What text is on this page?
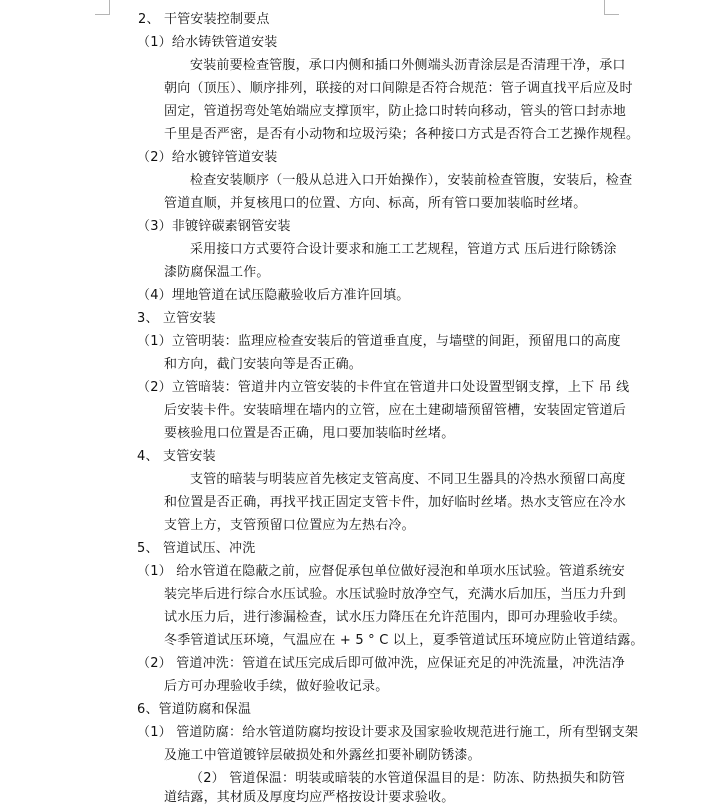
2、 干管安装控制要点
（1）给水铸铁管道安装
安装前要检查管腹，承口内侧和插口外侧端头沥青涂层是否清理干净，承口
朝向（顶压）、顺序排列，联接的对口间隙是否符合规范：管子调直找平后应及时
固定，管道拐弯处笔始端应支撑顶牢，防止捻口时转向移动，管头的管口封赤地
千里是否严密，是否有小动物和垃圾污染；各种接口方式是否符合工艺操作规程。
（2）给水镀锌管道安装
检查安装顺序（一般从总进入口开始操作），安装前检查管腹，安装后，检查
管道直顺，并复核甩口的位置、方向、标高，所有管口要加装临时丝堵。
（3）非镀锌碳素钢管安装
采用接口方式要符合设计要求和施工工艺规程，管道方式 压后进行除锈涂
漆防腐保温工作。
（4）埋地管道在试压隐蔽验收后方准许回填。
3、 立管安装
（1）立管明装：监理应检查安装后的管道垂直度，与墙壁的间距，预留甩口的高度
和方向，截门安装向等是否正确。
（2）立管暗装：管道井内立管安装的卡件宜在管道井口处设置型钢支撑，上下 吊 线
后安装卡件。安装暗埋在墙内的立管，应在土建砌墙预留管槽，安装固定管道后
要核验甩口位置是否正确，甩口要加装临时丝堵。
4、 支管安装
支管的暗装与明装应首先核定支管高度、不同卫生器具的冷热水预留口高度
和位置是否正确，再找平找正固定支管卡件，加好临时丝堵。热水支管应在冷水
支管上方，支管预留口位置应为左热右冷。
5、 管道试压、冲洗
（1） 给水管道在隐蔽之前，应督促承包单位做好浸泡和单项水压试验。管道系统安
装完毕后进行综合水压试验。水压试验时放净空气，充满水后加压，当压力升到
试水压力后，进行渗漏检查，试水压力降压在允许范围内，即可办理验收手续。
冬季管道试压环境，气温应在 + 5 ° C 以上，夏季管道试压环境应防止管道结露。
（2） 管道冲洗：管道在试压完成后即可做冲洗，应保证充足的冲洗流量，冲洗洁净
后方可办理验收手续，做好验收记录。
6、管道防腐和保温
（1） 管道防腐：给水管道防腐均按设计要求及国家验收规范进行施工，所有型钢支架
及施工中管道镀锌层破损处和外露丝扣要补刷防锈漆。
（2） 管道保温：明装或暗装的水管道保温目的是：防冻、防热损失和防管
道结露，其材质及厚度均应严格按设计要求验收。
